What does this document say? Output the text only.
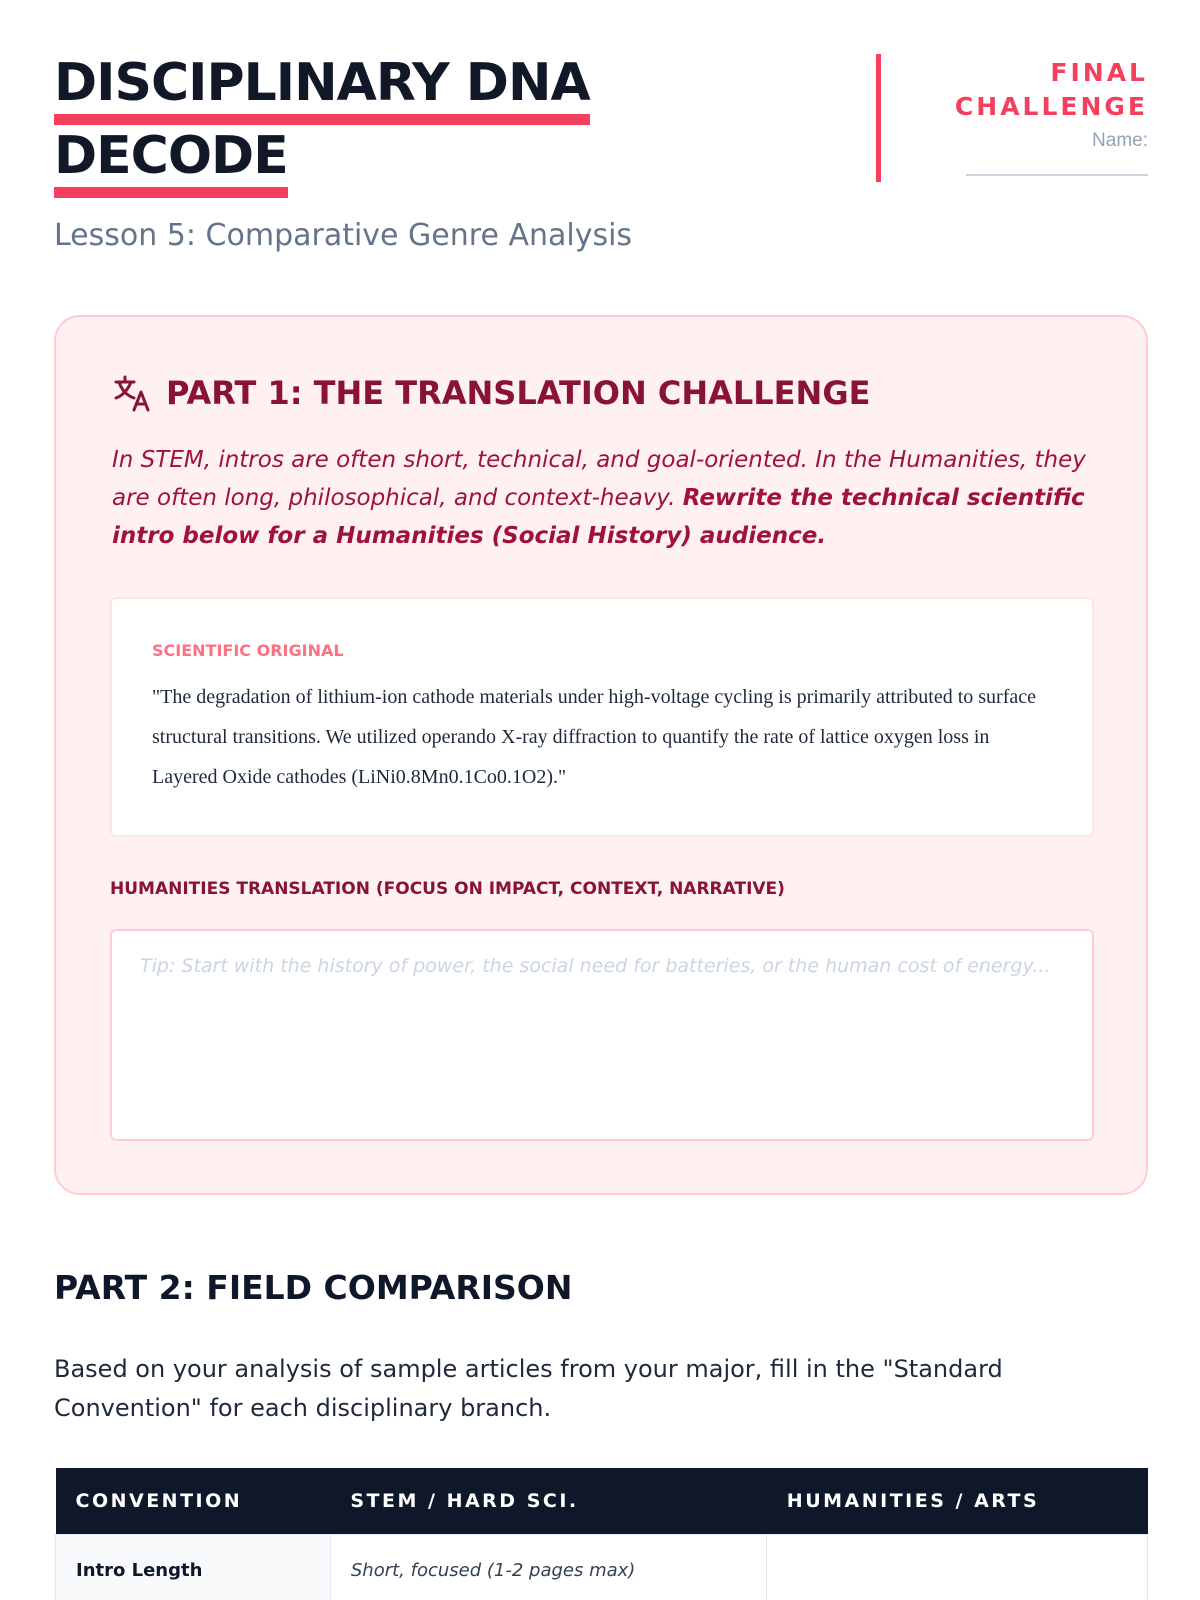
DISCIPLINARY DNA
DECODE
Lesson 5: Comparative Genre Analysis
FINAL
CHALLENGE
Name:
PART 1: THE TRANSLATION CHALLENGE

In STEM, intros are often short, technical, and goal-oriented. In the Humanities, they are often long, philosophical, and context-heavy. Rewrite the technical scientific intro below for a Humanities (Social History) audience.

SCIENTIFIC ORIGINAL
"The degradation of lithium-ion cathode materials under high-voltage cycling is primarily attributed to surface structural transitions. We utilized operando X-ray diffraction to quantify the rate of lattice oxygen loss in Layered Oxide cathodes (LiNi0.8Mn0.1Co0.1O2)."
HUMANITIES TRANSLATION (FOCUS ON IMPACT, CONTEXT, NARRATIVE)
Tip: Start with the history of power, the social need for batteries, or the human cost of energy...
PART 2: FIELD COMPARISON

Based on your analysis of sample articles from your major, fill in the "Standard Convention" for each disciplinary branch.

CONVENTION	STEM / HARD SCI.	HUMANITIES / ARTS
Intro Length	Short, focused (1-2 pages max)	
